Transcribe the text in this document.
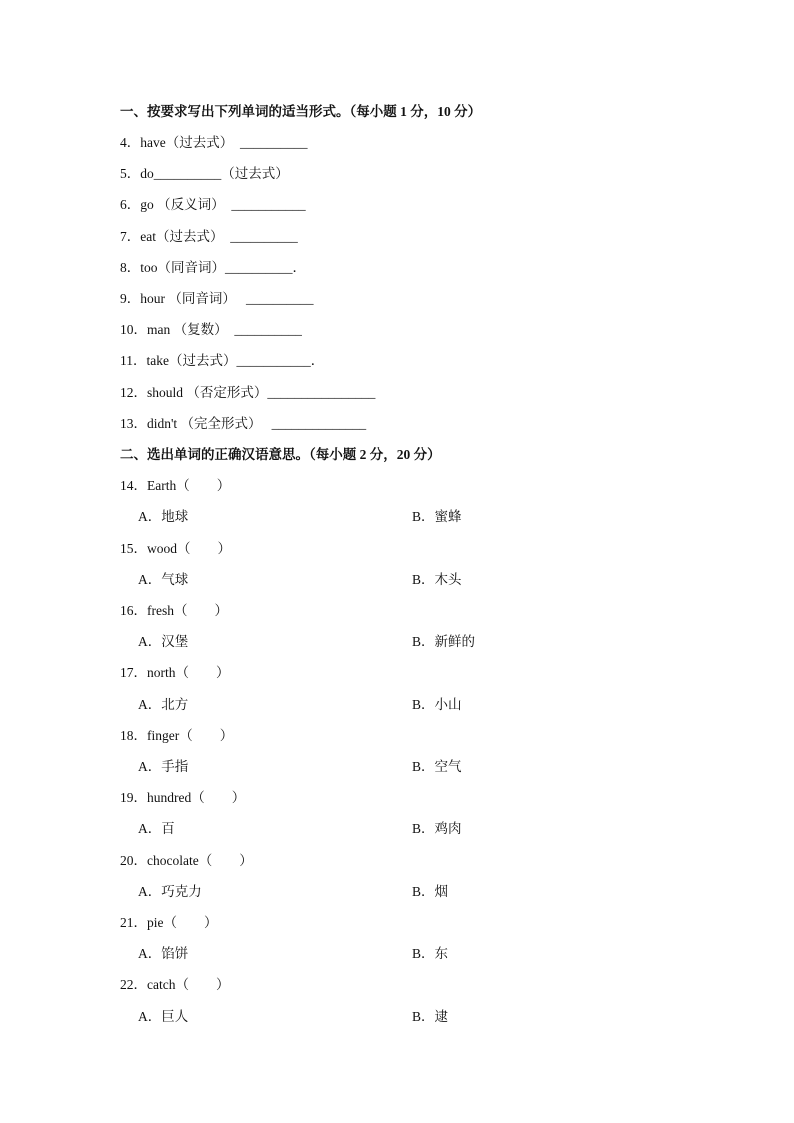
一、按要求写出下列单词的适当形式。（每小题 1 分，10 分）
4．have（过去式）  __________
5．do__________（过去式）
6．go （反义词）  ___________
7．eat（过去式）  __________
8．too（同音词）__________．
9．hour （同音词）   __________
10．man （复数）  __________
11．take（过去式）___________．
12．should （否定形式）________________
13．didn't （完全形式）   ______________
二、选出单词的正确汉语意思。（每小题 2 分，20 分）
14．Earth（　　）
A．地球	B．蜜蜂
15．wood（　　）
A．气球	B．木头
16．fresh（　　）
A．汉堡	B．新鲜的
17．north（　　）
A．北方	B．小山
18．finger（　　）
A．手指	B．空气
19．hundred（　　）
A．百	B．鸡肉
20．chocolate（　　）
A．巧克力	B．烟
21．pie（　　）
A．馅饼	B．东
22．catch（　　）
A．巨人	B．逮
